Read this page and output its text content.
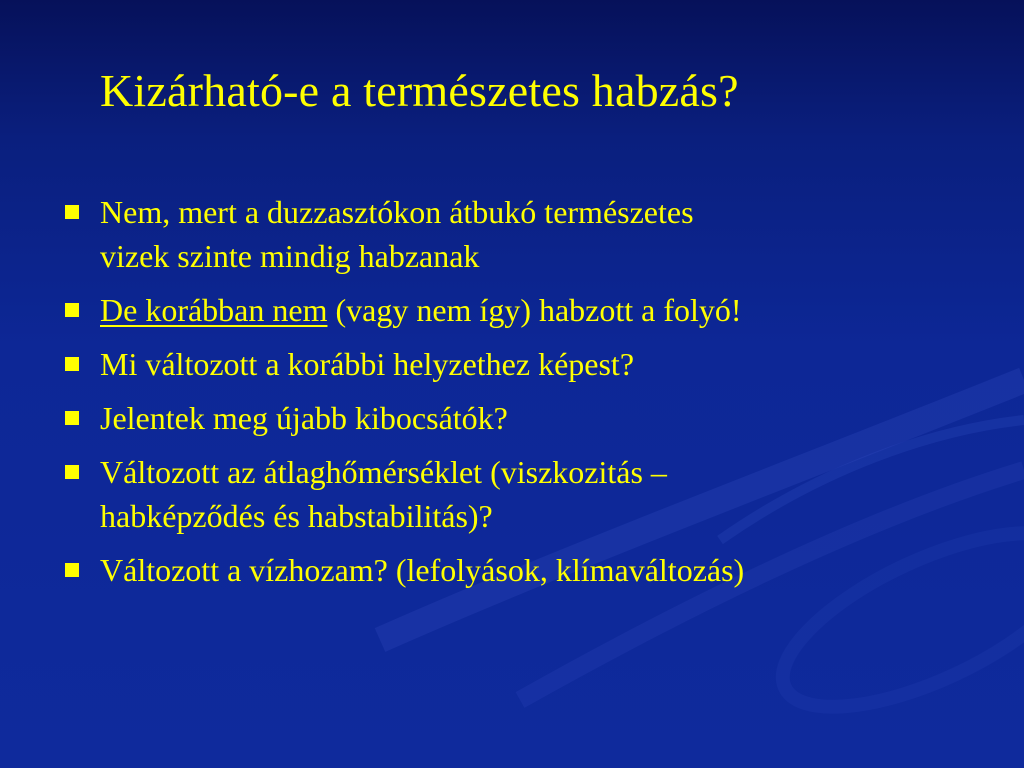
Kizárható-e a természetes habzás?
Nem, mert a duzzasztókon átbukó természetes
vizek szinte mindig habzanak
De korábban nem (vagy nem így) habzott a folyó!
Mi változott a korábbi helyzethez képest?
Jelentek meg újabb kibocsátók?
Változott az átlaghőmérséklet (viszkozitás –
habképződés és habstabilitás)?
Változott a vízhozam? (lefolyások, klímaváltozás)
